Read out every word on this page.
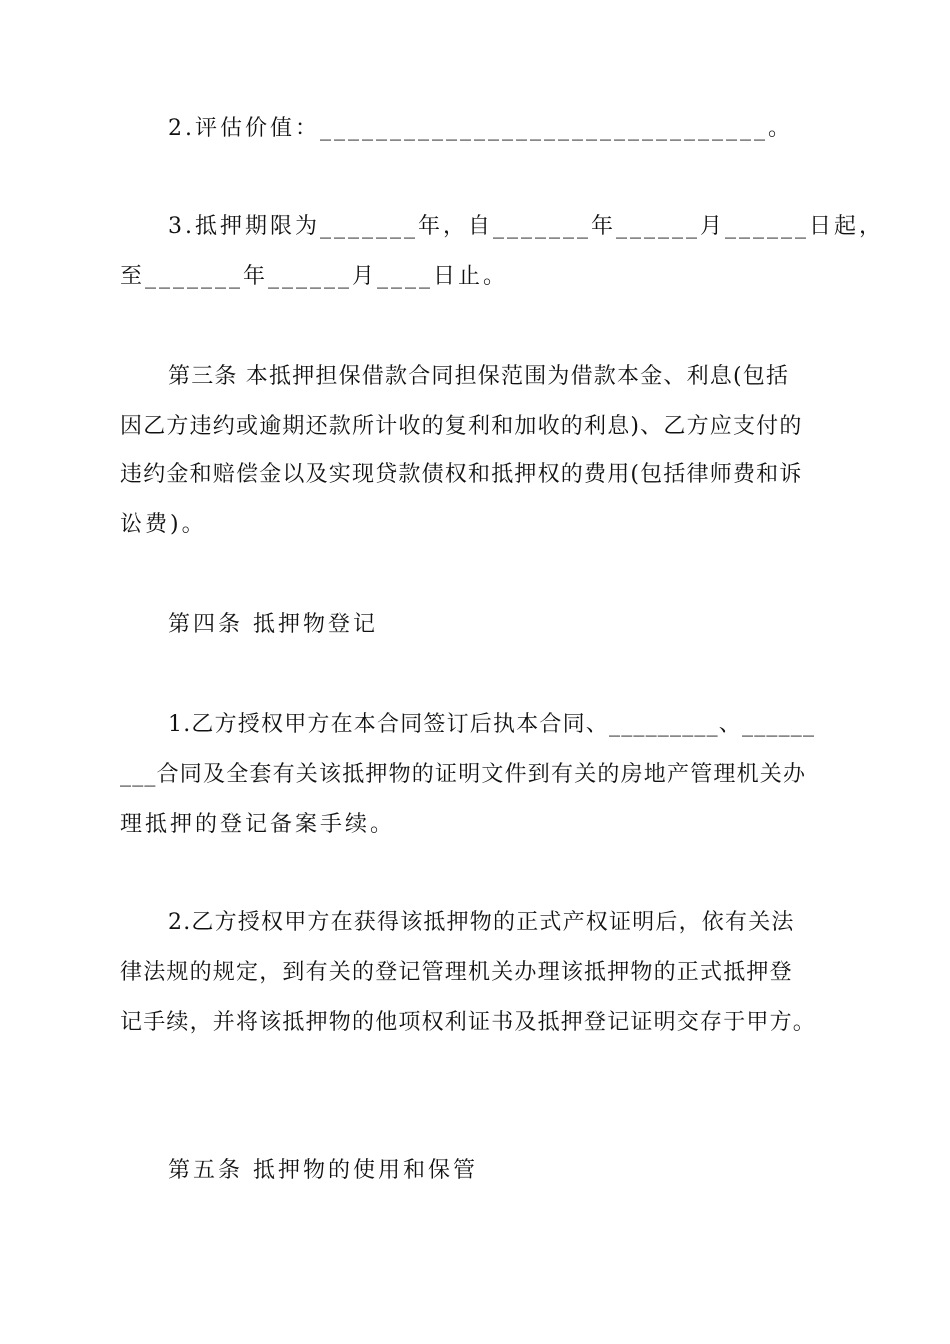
2.评估价值：________________________________。
3.抵押期限为_______年，自_______年______月______日起，
至_______年______月____日止。
第三条 本抵押担保借款合同担保范围为借款本金、利息(包括
因乙方违约或逾期还款所计收的复利和加收的利息)、乙方应支付的
违约金和赔偿金以及实现贷款债权和抵押权的费用(包括律师费和诉
讼费)。
第四条 抵押物登记
1.乙方授权甲方在本合同签订后执本合同、_________、______
___合同及全套有关该抵押物的证明文件到有关的房地产管理机关办
理抵押的登记备案手续。
2.乙方授权甲方在获得该抵押物的正式产权证明后，依有关法
律法规的规定，到有关的登记管理机关办理该抵押物的正式抵押登
记手续，并将该抵押物的他项权利证书及抵押登记证明交存于甲方。
第五条 抵押物的使用和保管
